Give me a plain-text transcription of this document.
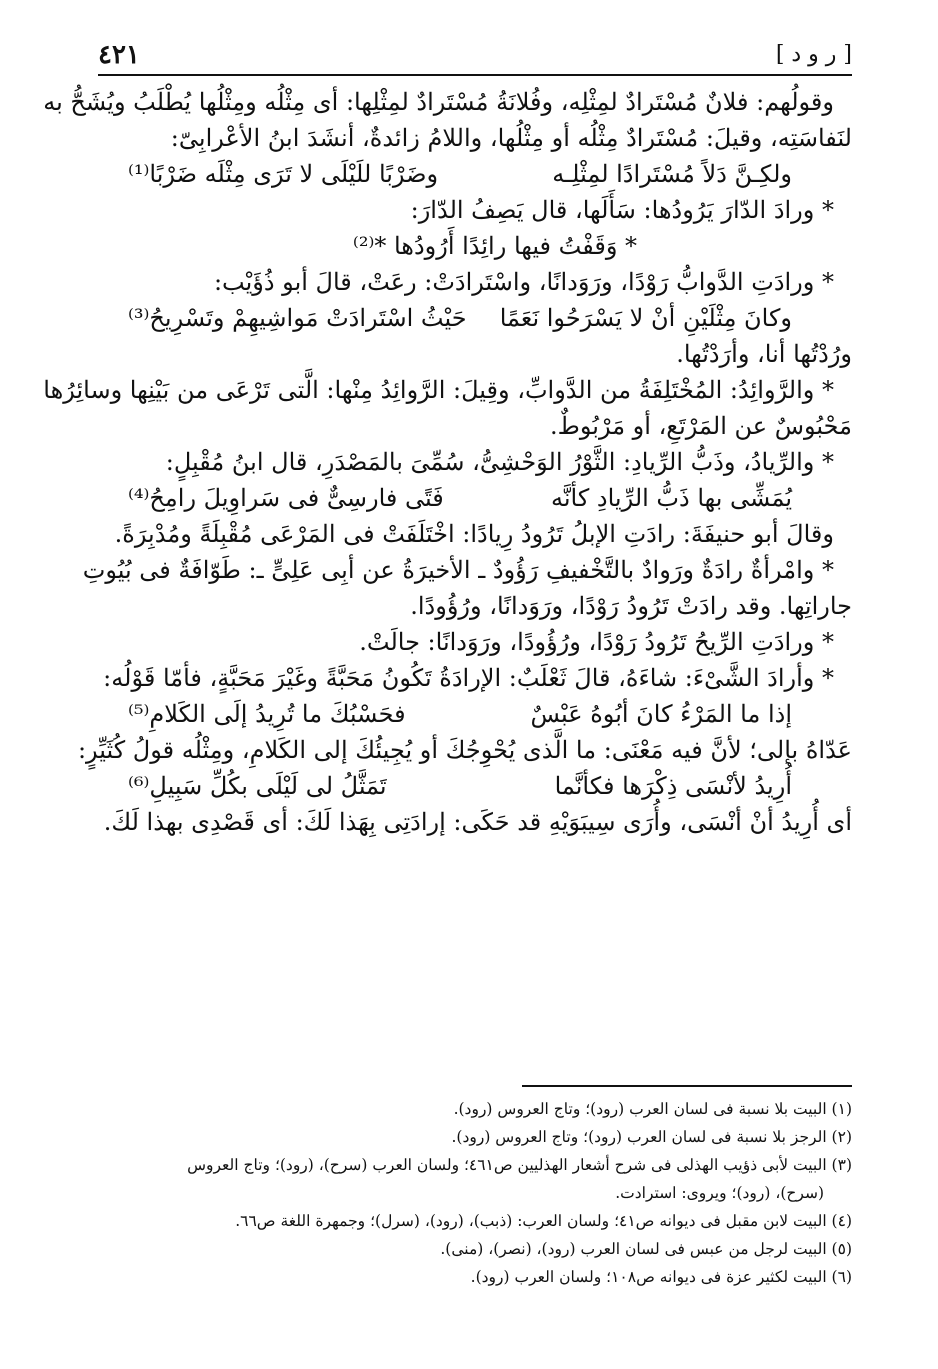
[ ر و د ]
٤٢١
وقولُهم: فلانٌ مُسْتَرادٌ لمِثْلِه، وفُلانَةُ مُسْتَرادٌ لمِثْلِها: أى مِثْلُه ومِثْلُها يُطْلَبُ ويُشَحُّ به
لنَفاسَتِه، وقيلَ: مُسْتَرادٌ مِثْلُه أو مِثْلُها، واللامُ زائدةٌ، أنشَدَ ابنُ الأعْرابِىّ:
ولكِـنَّ دَلاً مُسْتَرادًا لمِثْلِـه
وضَرْبًا للَيْلَى لا تَرَى مِثْلَه ضَرْبًا⁽¹⁾
* ورادَ الدّارَ يَرُودُها: سَأَلَها، قال يَصِفُ الدّارَ:
* وَقَفْتُ فيها رائِدًا أَرُودُها *⁽²⁾
* ورادَتِ الدَّوابُّ رَوْدًا، ورَوَدانًا، واسْتَرادَتْ: رعَتْ، قالَ أبو ذُؤَيْب:
وكانَ مِثْلَيْنِ أنْ لا يَسْرَحُوا نَعَمًا
حَيْثُ اسْتَرادَتْ مَواشِيهِمْ وتَسْرِيحُ⁽³⁾
ورُدْتُها أنا، وأرَدْتُها.
* والرَّوائِدُ: المُخْتَلِفَةُ من الدَّوابِّ، وقِيلَ: الرَّوائِدُ مِنْها: الَّتى تَرْعَى من بَيْنِها وسائِرُها
مَحْبُوسٌ عن المَرْتَعِ، أو مَرْبُوطٌ.
* والرِّيادُ، وذَبُّ الرِّيادِ: الثَّوْرُ الوَحْشِىُّ، سُمِّىَ بالمَصْدَرِ، قال ابنُ مُقْبِلٍ:
يُمَشِّى بها ذَبُّ الرِّيادِ كأنَّه
فَتًى فارسِىٌّ فى سَراوِيلَ رامِحُ⁽⁴⁾
وقالَ أبو حنيفَةَ: رادَتِ الإبلُ تَرُودُ رِيادًا: اخْتَلَفَتْ فى المَرْعَى مُقْبِلَةً ومُدْبِرَةً.
* وامْرأةٌ رادَةٌ ورَوادٌ بالتَّخْفيفِ رَؤُودٌ ـ الأخيرَةُ عن أبِى عَلِىٍّ ـ: طَوّافَةٌ فى بُيُوتِ
جاراتِها. وقد رادَتْ تَرُودُ رَوْدًا، ورَوَدانًا، ورُؤُودًا.
* ورادَتِ الرِّيحُ تَرُودُ رَوْدًا، ورُؤُودًا، ورَوَدانًا: جالَتْ.
* وأرادَ الشَّىْءَ: شاءَهُ، قالَ ثَعْلَبٌ: الإرادَةُ تَكُونُ مَحَبَّةً وغَيْرَ مَحَبَّةٍ، فأمّا قَوْلُه:
إذا ما المَرْءُ كانَ أبُوهُ عَبْسٌ
فحَسْبُكَ ما تُرِيدُ إلَى الكَلامِ⁽⁵⁾
عَدّاهُ بإلى؛ لأنَّ فيه مَعْنَى: ما الَّذى يُحْوِجُكَ أو يُجِيئُكَ إلى الكَلامِ، ومِثْلُه قولُ كُثَيِّرٍ:
أُرِيدُ لأنْسَى ذِكْرَها فكأنَّما
تَمَثَّلُ لى لَيْلَى بكُلِّ سَبِيلِ⁽⁶⁾
أى أُرِيدُ أنْ أنْسَى، وأُرَى سِيبَوَيْهِ قد حَكَى: إرادَتِى بِهَذا لَكَ: أى قَصْدِى بهذا لَكَ.
(١) البيت بلا نسبة فى لسان العرب (رود)؛ وتاج العروس (رود).
(٢) الرجز بلا نسبة فى لسان العرب (رود)؛ وتاج العروس (رود).
(٣) البيت لأبى ذؤيب الهذلى فى شرح أشعار الهذليين ص٤٦١؛ ولسان العرب (سرح)، (رود)؛ وتاج العروس
(سرح)، (رود)؛ ويروى: استرادت.
(٤) البيت لابن مقبل فى ديوانه ص٤١؛ ولسان العرب: (ذبب)، (رود)، (سرل)؛ وجمهرة اللغة ص٦٦.
(٥) البيت لرجل من عبس فى لسان العرب (رود)، (نصر)، (منى).
(٦) البيت لكثير عزة فى ديوانه ص١٠٨؛ ولسان العرب (رود).
